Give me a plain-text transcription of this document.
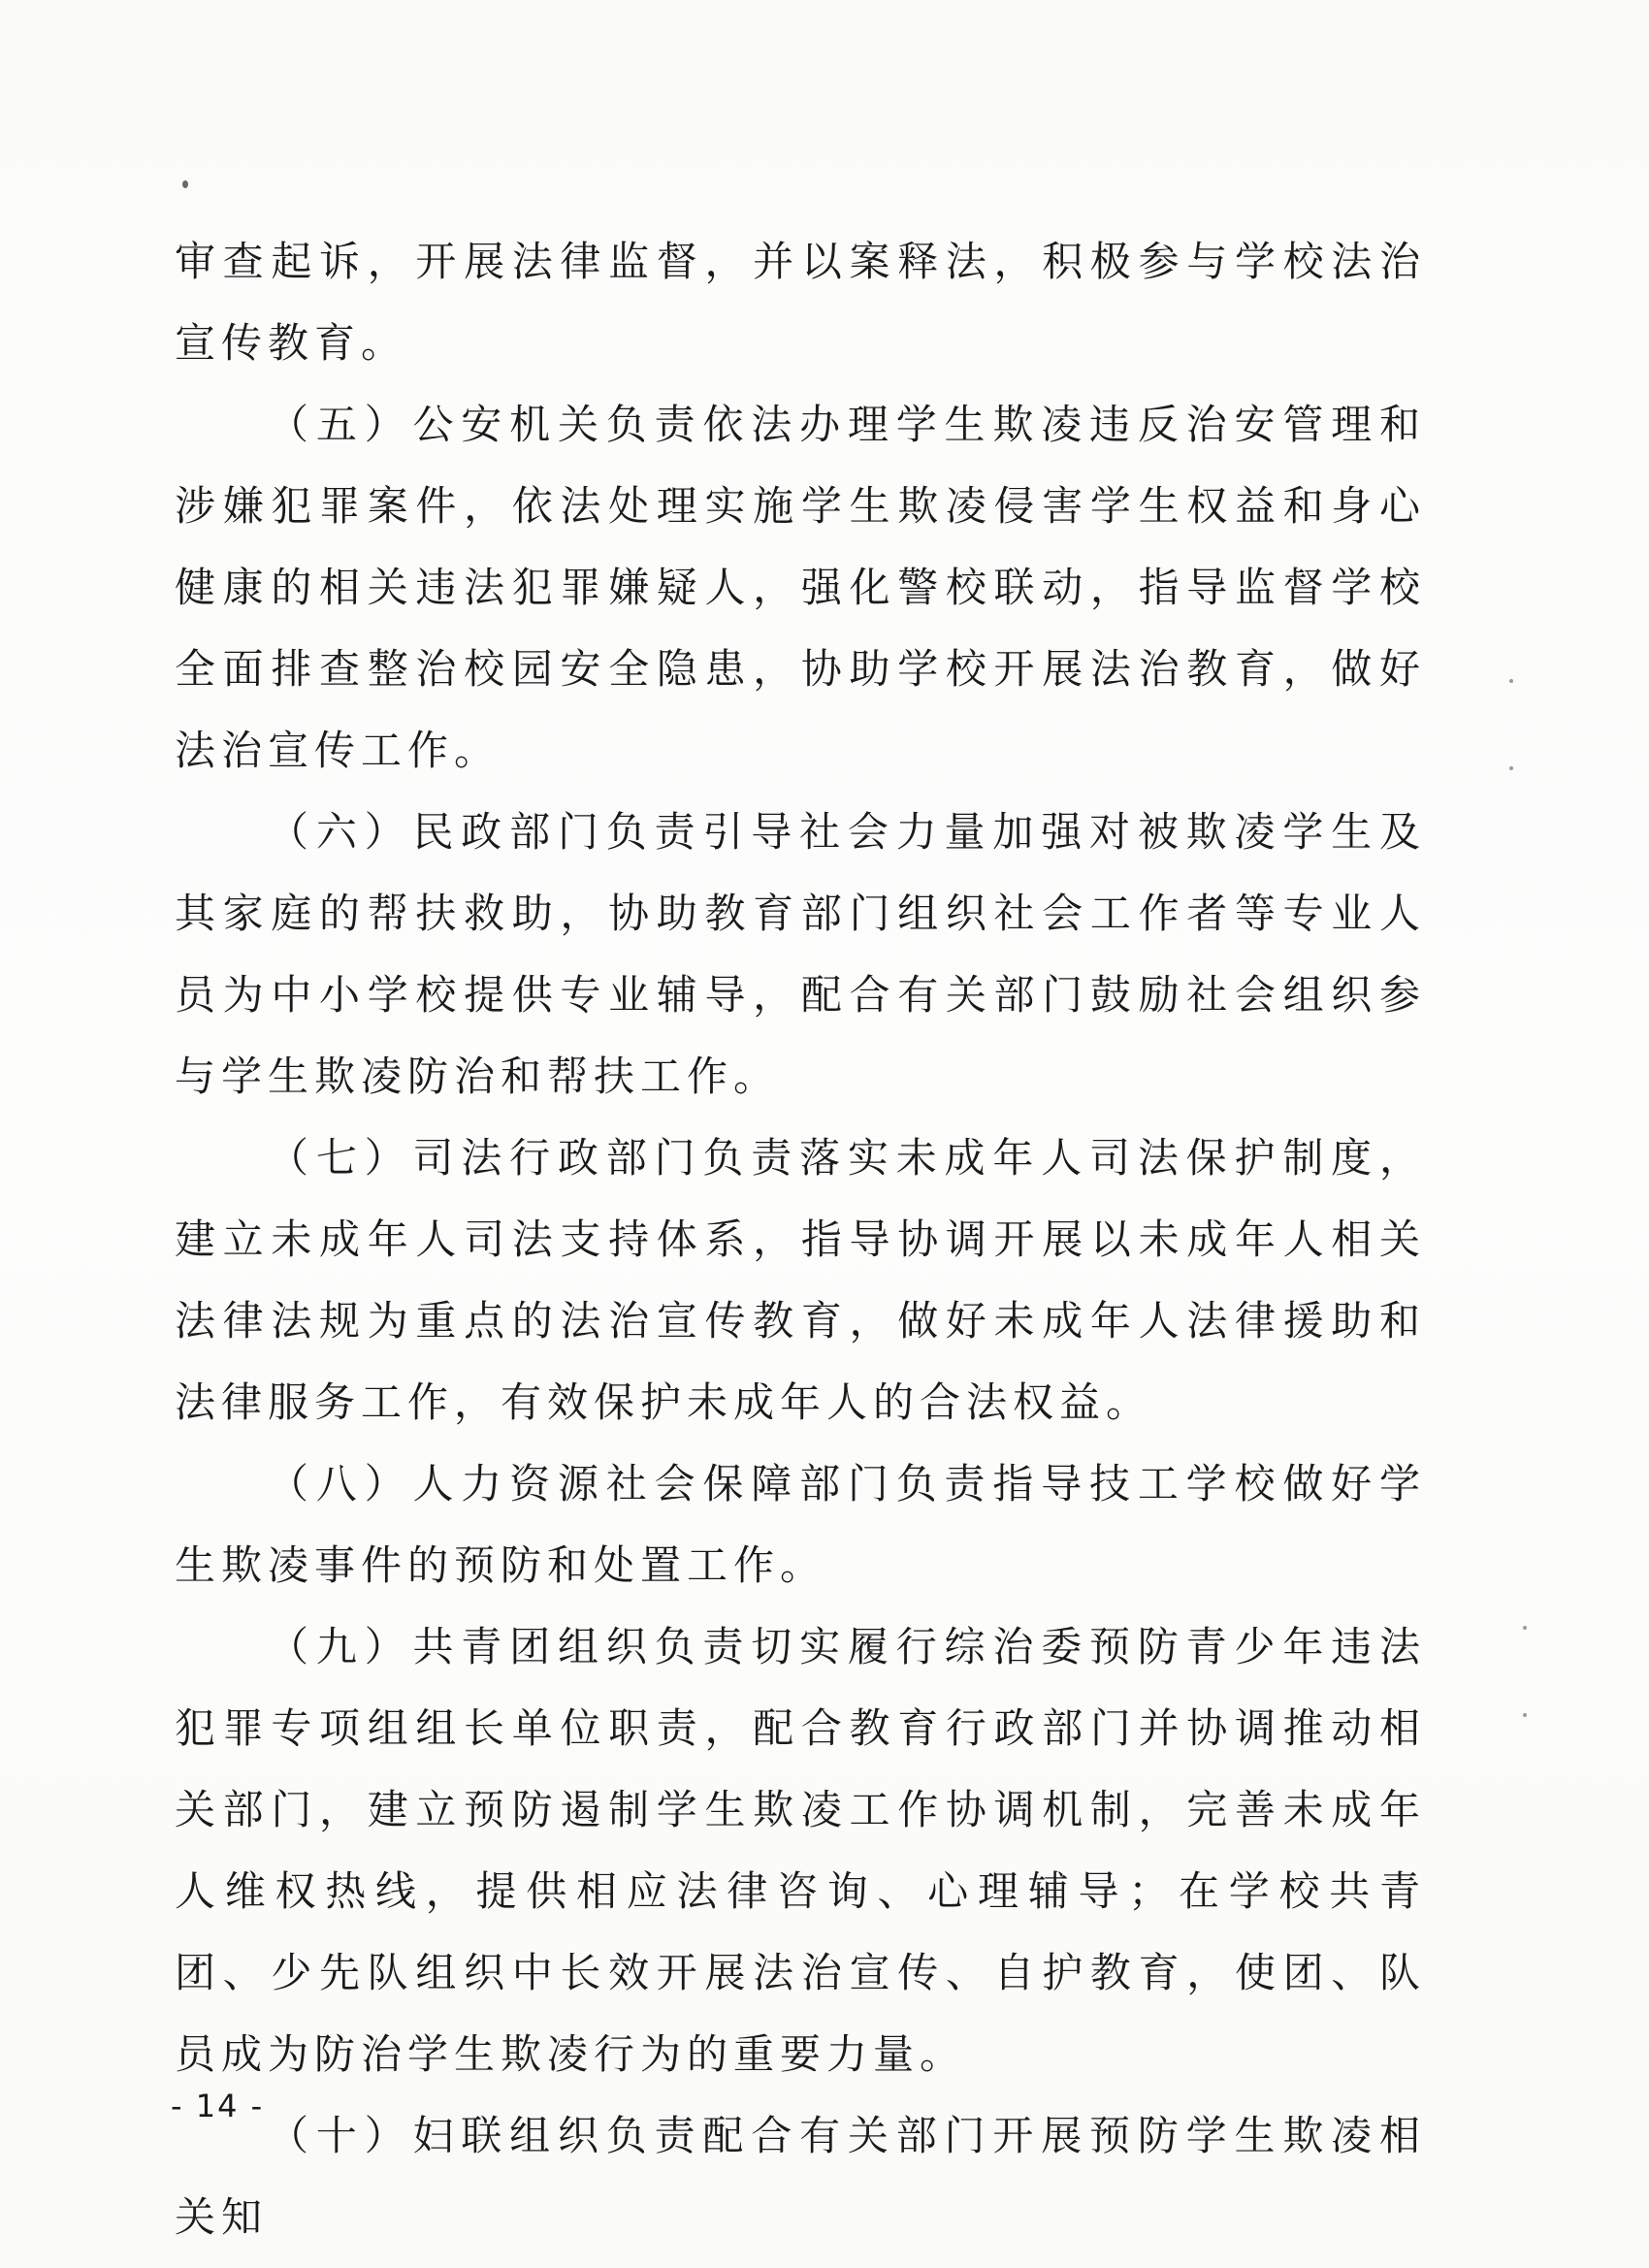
审查起诉，开展法律监督，并以案释法，积极参与学校法治宣传教育。

（五）公安机关负责依法办理学生欺凌违反治安管理和涉嫌犯罪案件，依法处理实施学生欺凌侵害学生权益和身心健康的相关违法犯罪嫌疑人，强化警校联动，指导监督学校全面排查整治校园安全隐患，协助学校开展法治教育，做好法治宣传工作。

（六）民政部门负责引导社会力量加强对被欺凌学生及其家庭的帮扶救助，协助教育部门组织社会工作者等专业人员为中小学校提供专业辅导，配合有关部门鼓励社会组织参与学生欺凌防治和帮扶工作。

（七）司法行政部门负责落实未成年人司法保护制度，建立未成年人司法支持体系，指导协调开展以未成年人相关法律法规为重点的法治宣传教育，做好未成年人法律援助和法律服务工作，有效保护未成年人的合法权益。

（八）人力资源社会保障部门负责指导技工学校做好学生欺凌事件的预防和处置工作。

（九）共青团组织负责切实履行综治委预防青少年违法犯罪专项组组长单位职责，配合教育行政部门并协调推动相关部门，建立预防遏制学生欺凌工作协调机制，完善未成年人维权热线，提供相应法律咨询、心理辅导；在学校共青团、少先队组织中长效开展法治宣传、自护教育，使团、队员成为防治学生欺凌行为的重要力量。

（十）妇联组织负责配合有关部门开展预防学生欺凌相关知

- 14 -
